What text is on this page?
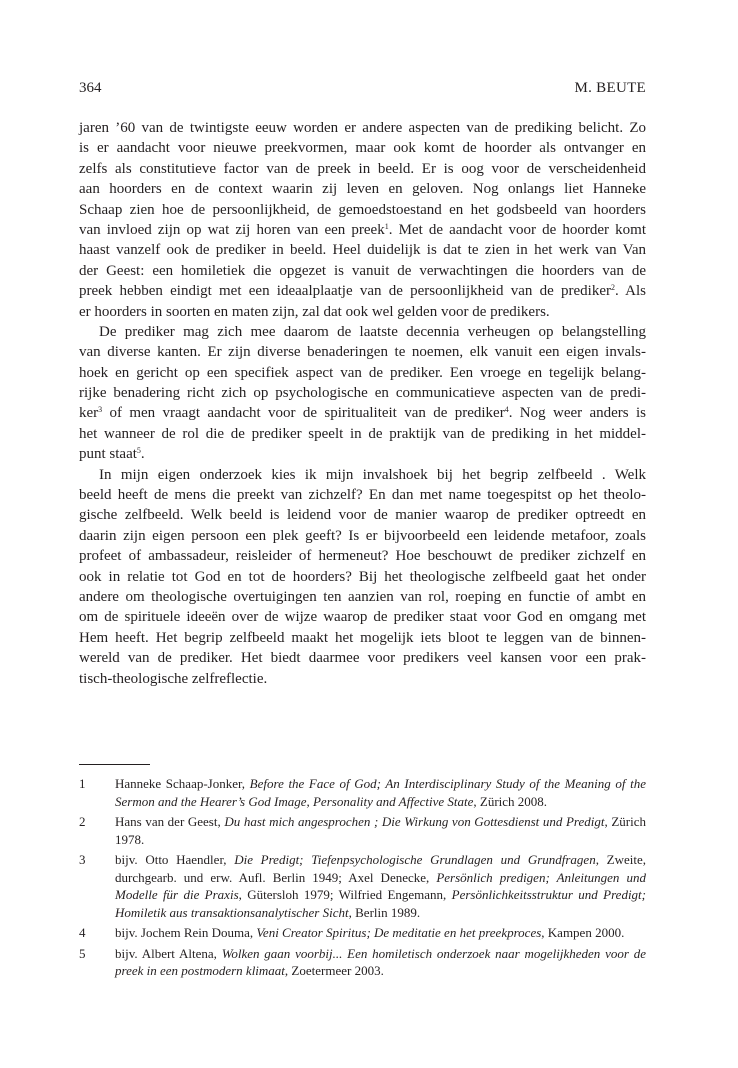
364	M. BEUTE
jaren ’60 van de twintigste eeuw worden er andere aspecten van de prediking belicht. Zo
is er aandacht voor nieuwe preekvormen, maar ook komt de hoorder als ontvanger en
zelfs als constitutieve factor van de preek in beeld. Er is oog voor de verscheidenheid
aan hoorders en de context waarin zij leven en geloven. Nog onlangs liet Hanneke
Schaap zien hoe de persoonlijkheid, de gemoedstoestand en het godsbeeld van hoorders
van invloed zijn op wat zij horen van een preek$^1$. Met de aandacht voor de hoorder komt
haast vanzelf ook de prediker in beeld. Heel duidelijk is dat te zien in het werk van Van
der Geest: een homiletiek die opgezet is vanuit de verwachtingen die hoorders van de
preek hebben eindigt met een ideaalplaatje van de persoonlijkheid van de prediker$^2$. Als
er hoorders in soorten en maten zijn, zal dat ook wel gelden voor de predikers.
De prediker mag zich mee daarom de laatste decennia verheugen op belangstelling
van diverse kanten. Er zijn diverse benaderingen te noemen, elk vanuit een eigen invals-
hoek en gericht op een specifiek aspect van de prediker. Een vroege en tegelijk belang-
rijke benadering richt zich op psychologische en communicatieve aspecten van de predi-
ker$^3$ of men vraagt aandacht voor de spiritualiteit van de prediker$^4$. Nog weer anders is
het wanneer de rol die de prediker speelt in de praktijk van de prediking in het middel-
punt staat$^5$.
In mijn eigen onderzoek kies ik mijn invalshoek bij het begrip zelfbeeld . Welk
beeld heeft de mens die preekt van zichzelf? En dan met name toegespitst op het theolo-
gische zelfbeeld. Welk beeld is leidend voor de manier waarop de prediker optreedt en
daarin zijn eigen persoon een plek geeft? Is er bijvoorbeeld een leidende metafoor, zoals
profeet of ambassadeur, reisleider of hermeneut? Hoe beschouwt de prediker zichzelf en
ook in relatie tot God en tot de hoorders? Bij het theologische zelfbeeld gaat het onder
andere om theologische overtuigingen ten aanzien van rol, roeping en functie of ambt en
om de spirituele ideeën over de wijze waarop de prediker staat voor God en omgang met
Hem heeft. Het begrip zelfbeeld maakt het mogelijk iets bloot te leggen van de binnen-
wereld van de prediker. Het biedt daarmee voor predikers veel kansen voor een prak-
tisch-theologische zelfreflectie.
1 Hanneke Schaap-Jonker, Before the Face of God; An Interdisciplinary Study of the Meaning of the Sermon and the Hearer’s God Image, Personality and Affective State, Zürich 2008.
2 Hans van der Geest, Du hast mich angesprochen ; Die Wirkung von Gottesdienst und Predigt, Zürich 1978.
3 bijv. Otto Haendler, Die Predigt; Tiefenpsychologische Grundlagen und Grundfragen, Zweite, durchgearb. und erw. Aufl. Berlin 1949; Axel Denecke, Persönlich predigen; Anleitungen und Modelle für die Praxis, Gütersloh 1979; Wilfried Engemann, Persönlichkeitsstruktur und Predigt; Homiletik aus transaktionsanalytischer Sicht, Berlin 1989.
4 bijv. Jochem Rein Douma, Veni Creator Spiritus; De meditatie en het preekproces, Kampen 2000.
5 bijv. Albert Altena, Wolken gaan voorbij... Een homiletisch onderzoek naar mogelijkheden voor de preek in een postmodern klimaat, Zoetermeer 2003.
